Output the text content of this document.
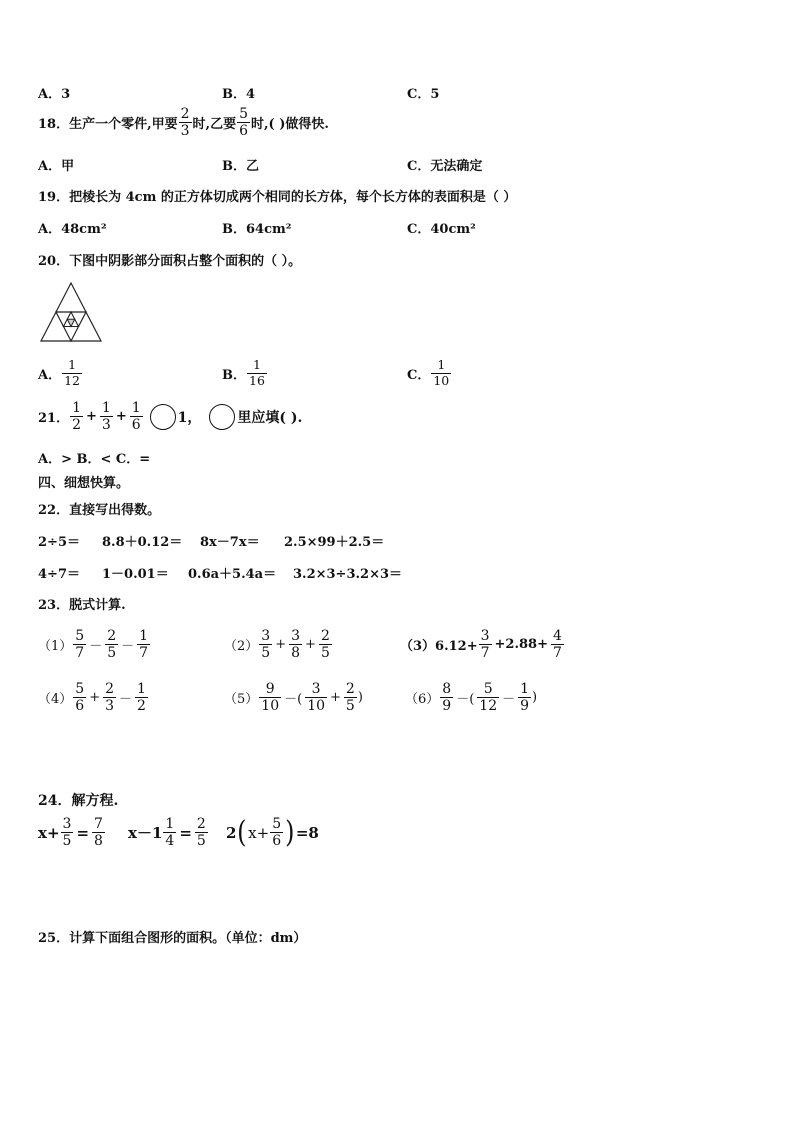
A．3	B．4	C．5
18．生产一个零件,甲要 $\frac{2}{3}$ 时,乙要 $\frac{5}{6}$ 时,( )做得快.
A．甲	B．乙	C．无法确定
19．把棱长为 4cm 的正方体切成两个相同的长方体，每个长方体的表面积是（ ）
A．48cm²	B．64cm²	C．40cm²
20．下图中阴影部分面积占整个面积的（ ）。
A． $\frac{1}{12}$	B． $\frac{1}{16}$	C． $\frac{1}{10}$
21． $\frac{1}{2} + \frac{1}{3} + \frac{1}{6}$	1，	里应填( ).
A．> B．< C．=
四、细想快算。
22．直接写出得数。
2÷5＝ 8.8＋0.12＝ 8x－7x＝ 2.5×99＋2.5＝
4÷7＝ 1－0.01＝ 0.6a＋5.4a＝ 3.2×3÷3.2×3＝
23．脱式计算.
$(1) \frac{5}{7} - \frac{2}{5} - \frac{1}{7}$	$(2) \frac{3}{5} + \frac{3}{8} + \frac{2}{5}$	$(3)6.12+ \frac{3}{7} +2.88+ \frac{4}{7}$
$(4) \frac{5}{6} + \frac{2}{3} - \frac{1}{2}$	$(5) \frac{9}{10}$ －( $\frac{3}{10} + \frac{2}{5}$ )	$(6) \frac{8}{9}$ －( $\frac{5}{12} - \frac{1}{9}$ )
24．解方程.
$x+ \frac{3}{5} = \frac{7}{8} x-1 \frac{1}{4} = \frac{2}{5} 2$ ( $x+ \frac{5}{6}$ ) =8
25．计算下面组合图形的面积。（单位：dm）
